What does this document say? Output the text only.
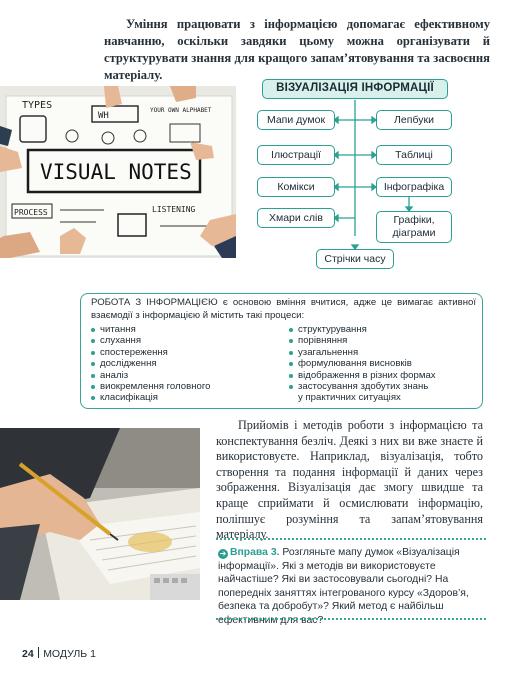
Уміння працювати з інформацією допомагає ефективному навчанню, оскільки завдяки цьому можна організувати й структурувати знання для кращого запам’ятовування та засвоєння матеріалу.

TYPES
WH
YOUR OWN ALPHABET
VISUAL NOTES
PROCESS	LISTENING
ВІЗУАЛІЗАЦІЯ ІНФОРМАЦІЇ
Мапи думок
Ілюстрації
Комікси
Хмари слів
Лепбуки
Таблиці
Інфографіка
Графіки, діаграми
Стрічки часу

РОБОТА З ІНФОРМАЦІЄЮ є основою вміння вчитися, адже це вимагає активної взаємодії з інформацією й містить такі процеси:

читання
слухання
спостереження
дослідження
аналіз
виокремлення головного
класифікація
структурування
порівняння
узагальнення
формулювання висновків
відображення в різних формах
застосування здобутих знань
у практичних ситуаціях

Прийомів і методів роботи з інформацією та конспектування безліч. Деякі з них ви вже знаєте й використовуєте. Наприклад, візуалізація, тобто створення та подання інформації й даних через зображення. Візуалізація дає змогу швидше та краще сприймати й осмислювати інформацію, поліпшує розуміння та запам’ятовування матеріалу.

➜ Вправа 3. Розгляньте мапу думок «Візуалізація інформації». Які з методів ви використовуєте найчастіше? Які ви застосовували сьогодні? На попередніх заняттях інтегрованого курсу «Здоров’я, безпека та добробут»? Який метод є найбільш ефективним для вас?

24 МОДУЛЬ 1
